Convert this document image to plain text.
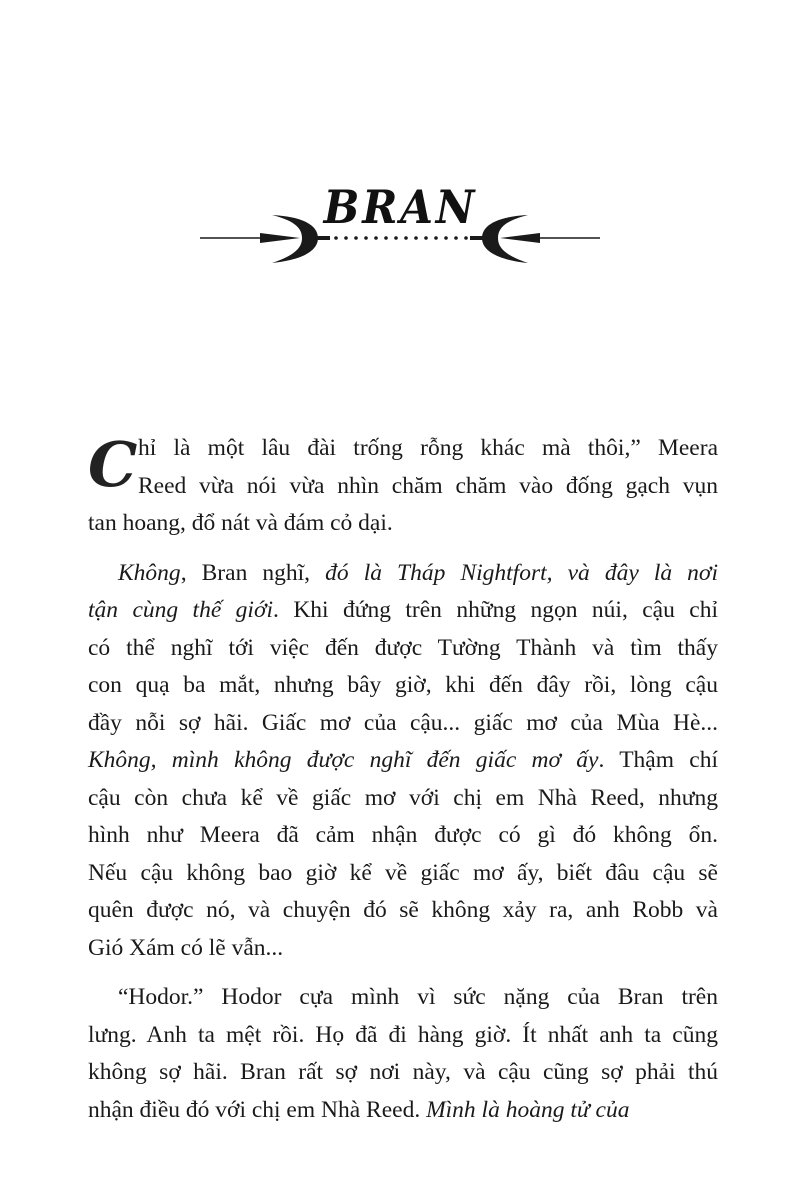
BRAN
C hỉ là một lâu đài trống rỗng khác mà thôi,” Meera
Reed vừa nói vừa nhìn chăm chăm vào đống gạch vụn
tan hoang, đổ nát và đám cỏ dại.
Không, Bran nghĩ, đó là Tháp Nightfort, và đây là nơi
tận cùng thế giới. Khi đứng trên những ngọn núi, cậu chỉ
có thể nghĩ tới việc đến được Tường Thành và tìm thấy
con quạ ba mắt, nhưng bây giờ, khi đến đây rồi, lòng cậu
đầy nỗi sợ hãi. Giấc mơ của cậu... giấc mơ của Mùa Hè...
Không, mình không được nghĩ đến giấc mơ ấy. Thậm chí
cậu còn chưa kể về giấc mơ với chị em Nhà Reed, nhưng
hình như Meera đã cảm nhận được có gì đó không ổn.
Nếu cậu không bao giờ kể về giấc mơ ấy, biết đâu cậu sẽ
quên được nó, và chuyện đó sẽ không xảy ra, anh Robb và
Gió Xám có lẽ vẫn...
“Hodor.” Hodor cựa mình vì sức nặng của Bran trên
lưng. Anh ta mệt rồi. Họ đã đi hàng giờ. Ít nhất anh ta cũng
không sợ hãi. Bran rất sợ nơi này, và cậu cũng sợ phải thú
nhận điều đó với chị em Nhà Reed. Mình là hoàng tử của
